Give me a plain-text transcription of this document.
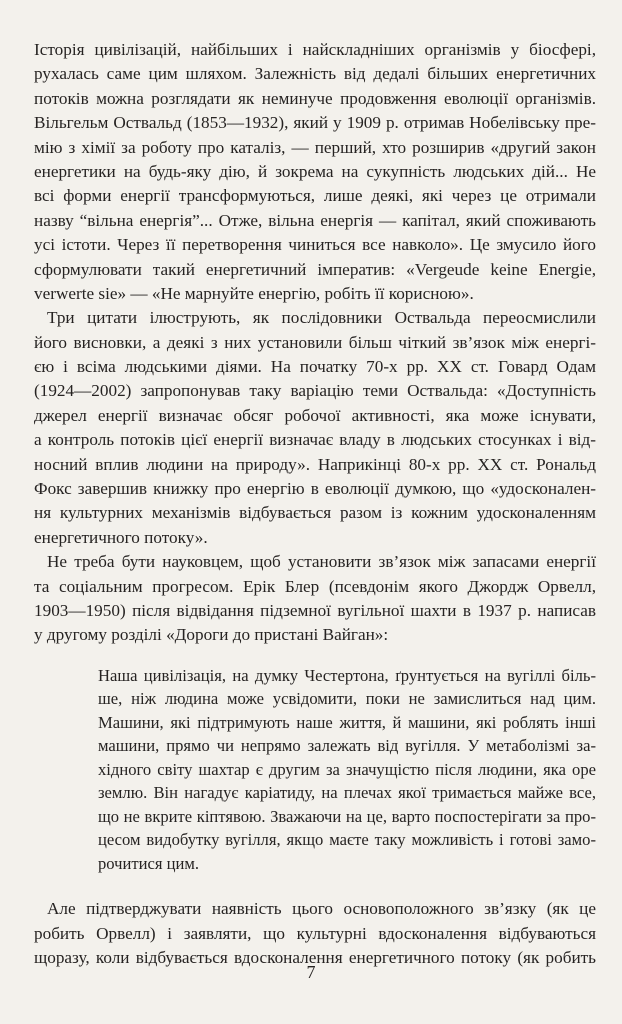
Історія цивілізацій, найбільших і найскладніших організмів у біосфері,
рухалась саме цим шляхом. Залежність від дедалі більших енергетичних
потоків можна розглядати як неминуче продовження еволюції організмів.
Вільгельм Оствальд (1853—1932), який у 1909 р. отримав Нобелівську пре-
мію з хімії за роботу про каталіз, — перший, хто розширив «другий закон
енергетики на будь-яку дію, й зокрема на сукупність людських дій... Не
всі форми енергії трансформуються, лише деякі, які через це отримали
назву “вільна енергія”... Отже, вільна енергія — капітал, який споживають
усі істоти. Через її перетворення чиниться все навколо». Це змусило його
сформулювати такий енергетичний імператив: «Vergeude keine Energie,
verwerte sie» — «Не марнуйте енергію, робіть її корисною».
Три цитати ілюструють, як послідовники Оствальда переосмислили
його висновки, а деякі з них установили більш чіткий зв’язок між енергі-
єю і всіма людськими діями. На початку 70-х рр. XX ст. Говард Одам
(1924—2002) запропонував таку варіацію теми Оствальда: «Доступність
джерел енергії визначає обсяг робочої активності, яка може існувати,
а контроль потоків цієї енергії визначає владу в людських стосунках і від-
носний вплив людини на природу». Наприкінці 80-х рр. XX ст. Рональд
Фокс завершив книжку про енергію в еволюції думкою, що «удосконален-
ня культурних механізмів відбувається разом із кожним удосконаленням
енергетичного потоку».
Не треба бути науковцем, щоб установити зв’язок між запасами енергії
та соціальним прогресом. Ерік Блер (псевдонім якого Джордж Орвелл,
1903—1950) після відвідання підземної вугільної шахти в 1937 р. написав
у другому розділі «Дороги до пристані Вайган»:
Наша цивілізація, на думку Честертона, ґрунтується на вугіллі біль-
ше, ніж людина може усвідомити, поки не замислиться над цим.
Машини, які підтримують наше життя, й машини, які роблять інші
машини, прямо чи непрямо залежать від вугілля. У метаболізмі за-
хідного світу шахтар є другим за значущістю після людини, яка оре
землю. Він нагадує каріатиду, на плечах якої тримається майже все,
що не вкрите кіптявою. Зважаючи на це, варто поспостерігати за про-
цесом видобутку вугілля, якщо маєте таку можливість і готові замо-
рочитися цим.
Але підтверджувати наявність цього основоположного зв’язку (як це
робить Орвелл) і заявляти, що культурні вдосконалення відбуваються
щоразу, коли відбувається вдосконалення енергетичного потоку (як робить
7
